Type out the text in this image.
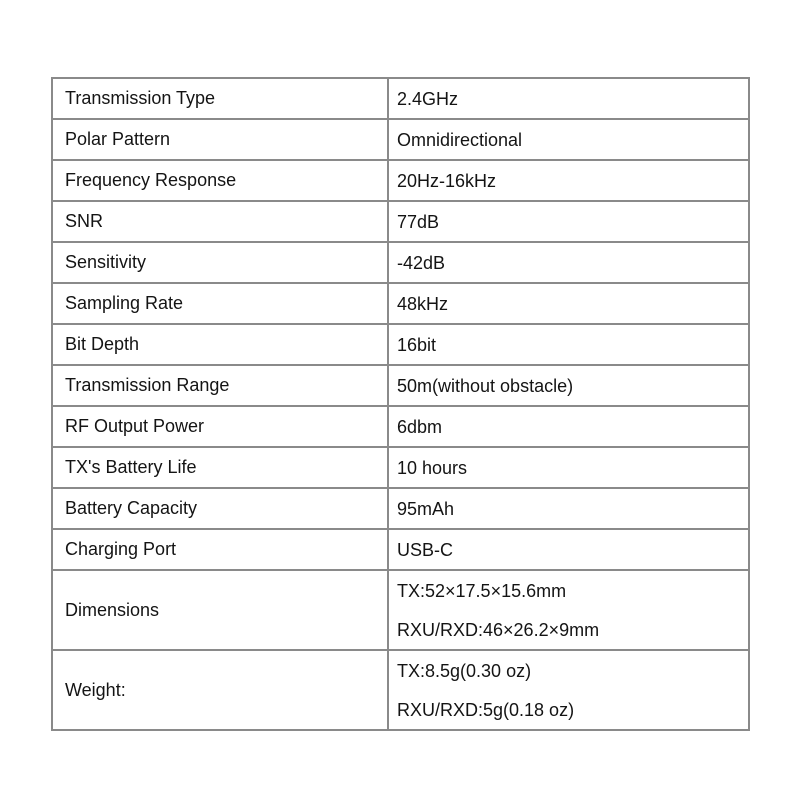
Transmission Type	2.4GHz

Polar Pattern	Omnidirectional

Frequency Response	20Hz-16kHz

SNR	77dB

Sensitivity	-42dB

Sampling Rate	48kHz

Bit Depth	16bit

Transmission Range	50m(without obstacle)

RF Output Power	6dbm

TX's Battery Life	10 hours

Battery Capacity	95mAh

Charging Port	USB-C

Dimensions	TX:52×17.5×15.6mm
RXU/RXD:46×26.2×9mm

Weight:	TX:8.5g(0.30 oz)
RXU/RXD:5g(0.18 oz)
